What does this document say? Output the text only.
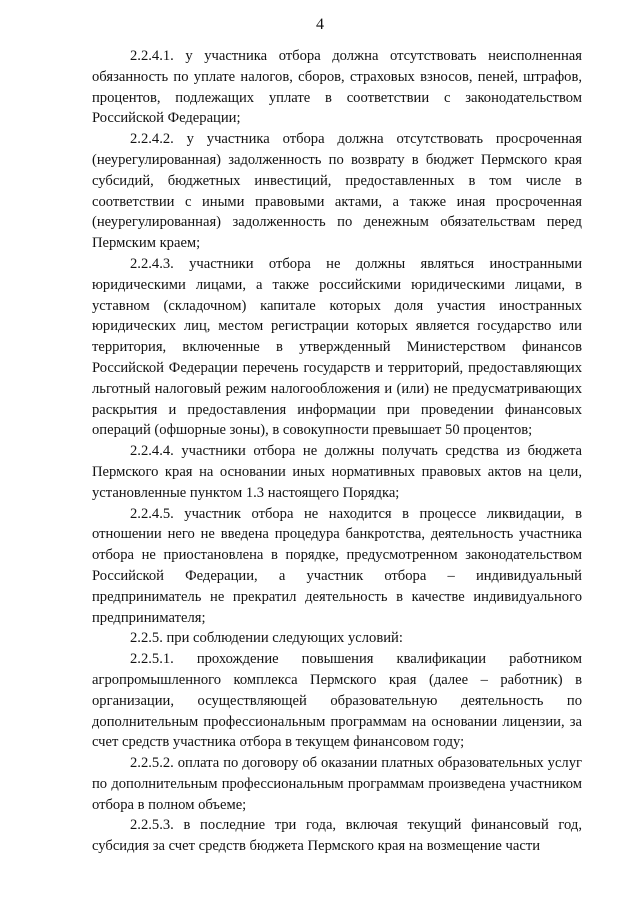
4

2.2.4.1. у участника отбора должна отсутствовать неисполненная обязанность по уплате налогов, сборов, страховых взносов, пеней, штрафов, процентов, подлежащих уплате в соответствии с законодательством Российской Федерации;

2.2.4.2. у участника отбора должна отсутствовать просроченная (неурегулированная) задолженность по возврату в бюджет Пермского края субсидий, бюджетных инвестиций, предоставленных в том числе в соответствии с иными правовыми актами, а также иная просроченная (неурегулированная) задолженность по денежным обязательствам перед Пермским краем;

2.2.4.3. участники отбора не должны являться иностранными юридическими лицами, а также российскими юридическими лицами, в уставном (складочном) капитале которых доля участия иностранных юридических лиц, местом регистрации которых является государство или территория, включенные в утвержденный Министерством финансов Российской Федерации перечень государств и территорий, предоставляющих льготный налоговый режим налогообложения и (или) не предусматривающих раскрытия и предоставления информации при проведении финансовых операций (офшорные зоны), в совокупности превышает 50 процентов;

2.2.4.4. участники отбора не должны получать средства из бюджета Пермского края на основании иных нормативных правовых актов на цели, установленные пунктом 1.3 настоящего Порядка;

2.2.4.5. участник отбора не находится в процессе ликвидации, в отношении него не введена процедура банкротства, деятельность участника отбора не приостановлена в порядке, предусмотренном законодательством Российской Федерации, а участник отбора – индивидуальный предприниматель не прекратил деятельность в качестве индивидуального предпринимателя;

2.2.5. при соблюдении следующих условий:

2.2.5.1. прохождение повышения квалификации работником агропромышленного комплекса Пермского края (далее – работник) в организации, осуществляющей образовательную деятельность по дополнительным профессиональным программам на основании лицензии, за счет средств участника отбора в текущем финансовом году;

2.2.5.2. оплата по договору об оказании платных образовательных услуг по дополнительным профессиональным программам произведена участником отбора в полном объеме;

2.2.5.3. в последние три года, включая текущий финансовый год, субсидия за счет средств бюджета Пермского края на возмещение части
